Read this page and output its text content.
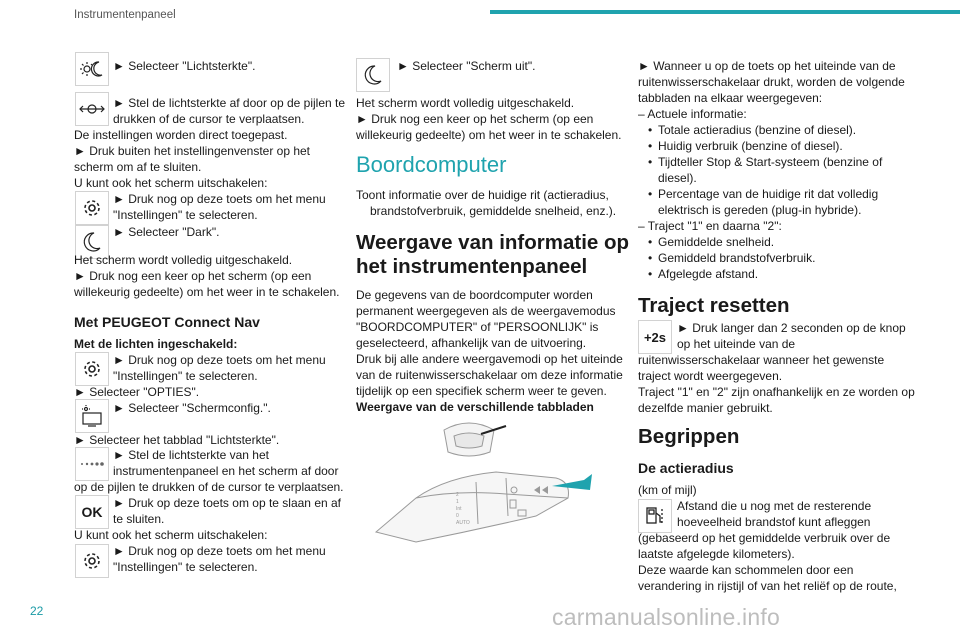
Instrumentenpaneel
22	carmanualsonline.info
► Selecteer "Lichtsterkte".
► Stel de lichtsterkte af door op de pijlen te
drukken of de cursor te verplaatsen.
De instellingen worden direct toegepast.
► Druk buiten het instellingenvenster op het
scherm om af te sluiten.
U kunt ook het scherm uitschakelen:
► Druk nog op deze toets om het menu
"Instellingen" te selecteren.
► Selecteer "Dark".
Het scherm wordt volledig uitgeschakeld.
► Druk nog een keer op het scherm (op een
willekeurig gedeelte) om het weer in te schakelen.
Met PEUGEOT Connect Nav
Met de lichten ingeschakeld:
► Druk nog op deze toets om het menu
"Instellingen" te selecteren.
► Selecteer "OPTIES".
► Selecteer "Schermconfig.".
► Selecteer het tabblad "Lichtsterkte".
► Stel de lichtsterkte van het
instrumentenpaneel en het scherm af door
op de pijlen te drukken of de cursor te verplaatsen.
OK
► Druk op deze toets om op te slaan en af
te sluiten.
U kunt ook het scherm uitschakelen:
► Druk nog op deze toets om het menu
"Instellingen" te selecteren.
► Selecteer "Scherm uit".
Het scherm wordt volledig uitgeschakeld.
► Druk nog een keer op het scherm (op een
willekeurig gedeelte) om het weer in te schakelen.
Boordcomputer
Toont informatie over de huidige rit (actieradius,
brandstofverbruik, gemiddelde snelheid, enz.).
Weergave van informatie op
het instrumentenpaneel
De gegevens van de boordcomputer worden
permanent weergegeven als de weergavemodus
"BOORDCOMPUTER" of "PERSOONLIJK" is
geselecteerd, afhankelijk van de uitvoering.
Druk bij alle andere weergavemodi op het uiteinde
van de ruitenwisserschakelaar om deze informatie
tijdelijk op een specifiek scherm weer te geven.
Weergave van de verschillende tabbladen
2
1
Int
0
AUTO
► Wanneer u op de toets op het uiteinde van de
ruitenwisserschakelaar drukt, worden de volgende
tabbladen na elkaar weergegeven:
– Actuele informatie:
• Totale actieradius (benzine of diesel).
• Huidig verbruik (benzine of diesel).
• Tijdteller Stop & Start-systeem (benzine of
diesel).
• Percentage van de huidige rit dat volledig
elektrisch is gereden (plug-in hybride).
– Traject "1" en daarna "2":
• Gemiddelde snelheid.
• Gemiddeld brandstofverbruik.
• Afgelegde afstand.
Traject resetten
+2s
► Druk langer dan 2 seconden op de knop
op het uiteinde van de
ruitenwisserschakelaar wanneer het gewenste
traject wordt weergegeven.
Traject "1" en "2" zijn onafhankelijk en ze worden op
dezelfde manier gebruikt.
Begrippen
De actieradius
(km of mijl)
Afstand die u nog met de resterende
hoeveelheid brandstof kunt afleggen
(gebaseerd op het gemiddelde verbruik over de
laatste afgelegde kilometers).
Deze waarde kan schommelen door een
verandering in rijstijl of van het reliëf op de route,
